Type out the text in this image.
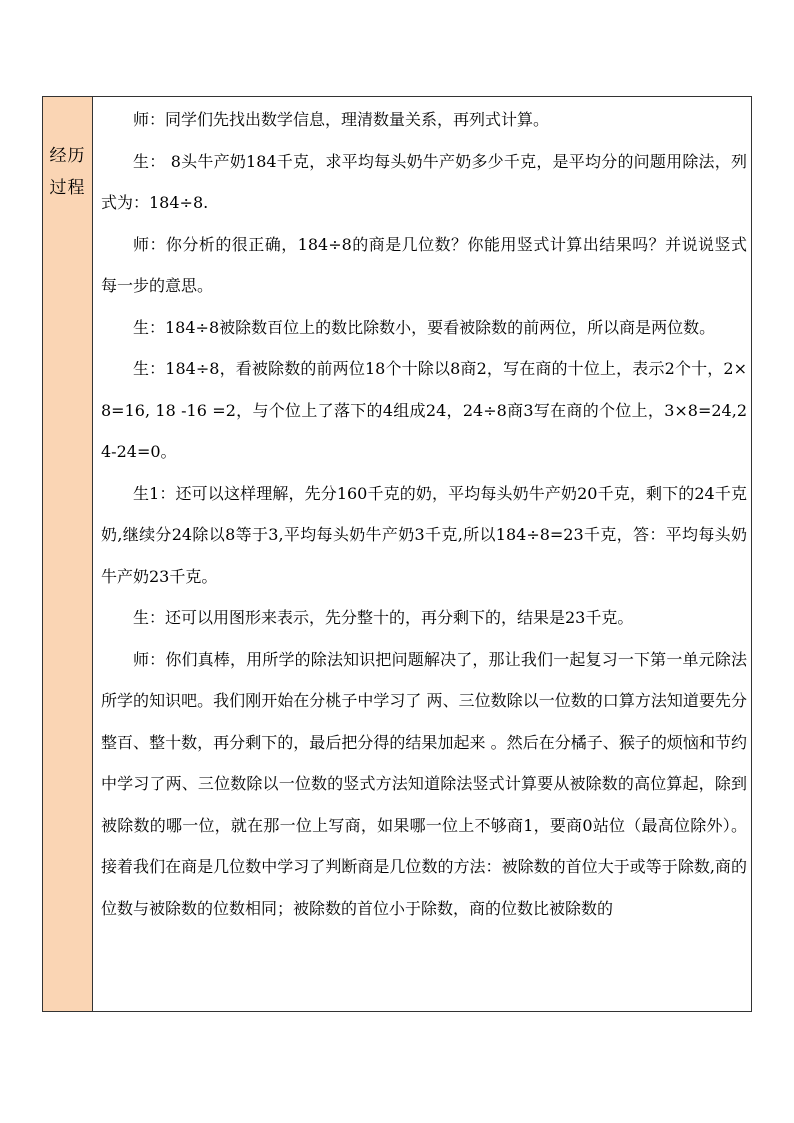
经历
过程

师：同学们先找出数学信息，理清数量关系，再列式计算。

生： 8头牛产奶184千克，求平均每头奶牛产奶多少千克，是平均分的问题用除法，列式为：184÷8.

师：你分析的很正确，184÷8的商是几位数？你能用竖式计算出结果吗？并说说竖式每一步的意思。

生：184÷8被除数百位上的数比除数小，要看被除数的前两位，所以商是两位数。

生：184÷8，看被除数的前两位18个十除以8商2，写在商的十位上，表示2个十，2×8=16, 18 -16 =2，与个位上了落下的4组成24，24÷8商3写在商的个位上，3×8=24,24-24=0。

生1：还可以这样理解，先分160千克的奶，平均每头奶牛产奶20千克，剩下的24千克奶,继续分24除以8等于3,平均每头奶牛产奶3千克,所以184÷8=23千克，答：平均每头奶牛产奶23千克。

生：还可以用图形来表示，先分整十的，再分剩下的，结果是23千克。

师：你们真棒，用所学的除法知识把问题解决了，那让我们一起复习一下第一单元除法所学的知识吧。我们刚开始在分桃子中学习了 两、三位数除以一位数的口算方法知道要先分整百、整十数，再分剩下的，最后把分得的结果加起来 。然后在分橘子、猴子的烦恼和节约中学习了两、三位数除以一位数的竖式方法知道除法竖式计算要从被除数的高位算起，除到被除数的哪一位，就在那一位上写商，如果哪一位上不够商1，要商0站位（最高位除外）。接着我们在商是几位数中学习了判断商是几位数的方法：被除数的首位大于或等于除数,商的位数与被除数的位数相同；被除数的首位小于除数，商的位数比被除数的
